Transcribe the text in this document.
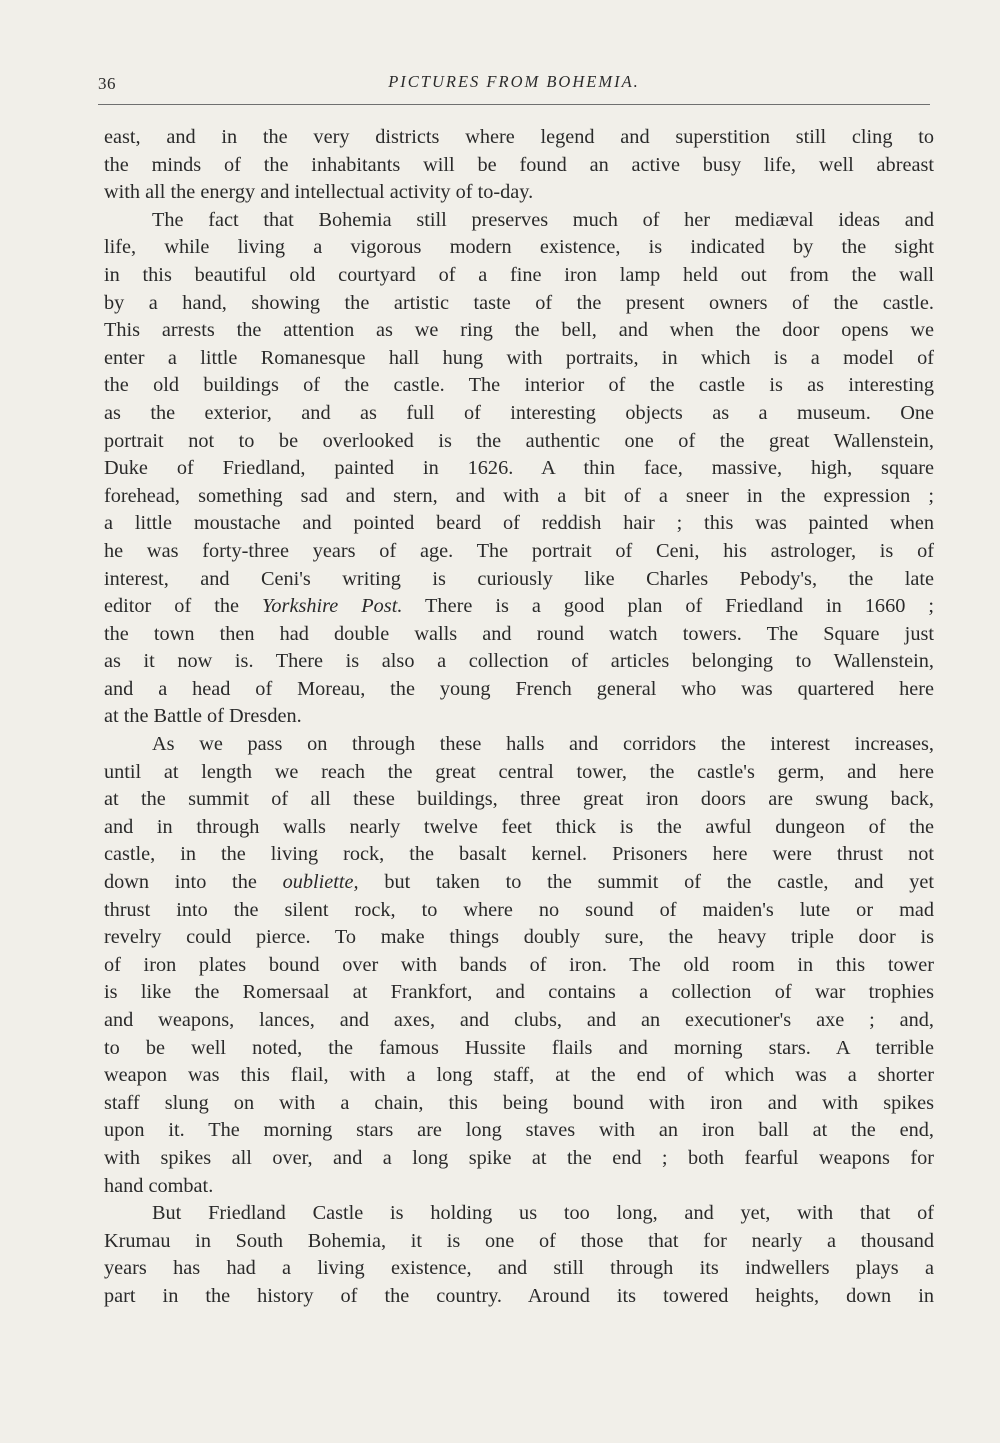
36	PICTURES FROM BOHEMIA.
east, and in the very districts where legend and superstition still cling to
the minds of the inhabitants will be found an active busy life, well abreast
with all the energy and intellectual activity of to-day.
The fact that Bohemia still preserves much of her mediæval ideas and
life, while living a vigorous modern existence, is indicated by the sight
in this beautiful old courtyard of a fine iron lamp held out from the wall
by a hand, showing the artistic taste of the present owners of the castle.
This arrests the attention as we ring the bell, and when the door opens we
enter a little Romanesque hall hung with portraits, in which is a model of
the old buildings of the castle. The interior of the castle is as interesting
as the exterior, and as full of interesting objects as a museum. One
portrait not to be overlooked is the authentic one of the great Wallenstein,
Duke of Friedland, painted in 1626. A thin face, massive, high, square
forehead, something sad and stern, and with a bit of a sneer in the expression ;
a little moustache and pointed beard of reddish hair ; this was painted when
he was forty-three years of age. The portrait of Ceni, his astrologer, is of
interest, and Ceni's writing is curiously like Charles Pebody's, the late
editor of the Yorkshire Post. There is a good plan of Friedland in 1660 ;
the town then had double walls and round watch towers. The Square just
as it now is. There is also a collection of articles belonging to Wallenstein,
and a head of Moreau, the young French general who was quartered here
at the Battle of Dresden.
As we pass on through these halls and corridors the interest increases,
until at length we reach the great central tower, the castle's germ, and here
at the summit of all these buildings, three great iron doors are swung back,
and in through walls nearly twelve feet thick is the awful dungeon of the
castle, in the living rock, the basalt kernel. Prisoners here were thrust not
down into the oubliette, but taken to the summit of the castle, and yet
thrust into the silent rock, to where no sound of maiden's lute or mad
revelry could pierce. To make things doubly sure, the heavy triple door is
of iron plates bound over with bands of iron. The old room in this tower
is like the Romersaal at Frankfort, and contains a collection of war trophies
and weapons, lances, and axes, and clubs, and an executioner's axe ; and,
to be well noted, the famous Hussite flails and morning stars. A terrible
weapon was this flail, with a long staff, at the end of which was a shorter
staff slung on with a chain, this being bound with iron and with spikes
upon it. The morning stars are long staves with an iron ball at the end,
with spikes all over, and a long spike at the end ; both fearful weapons for
hand combat.
But Friedland Castle is holding us too long, and yet, with that of
Krumau in South Bohemia, it is one of those that for nearly a thousand
years has had a living existence, and still through its indwellers plays a
part in the history of the country. Around its towered heights, down in
